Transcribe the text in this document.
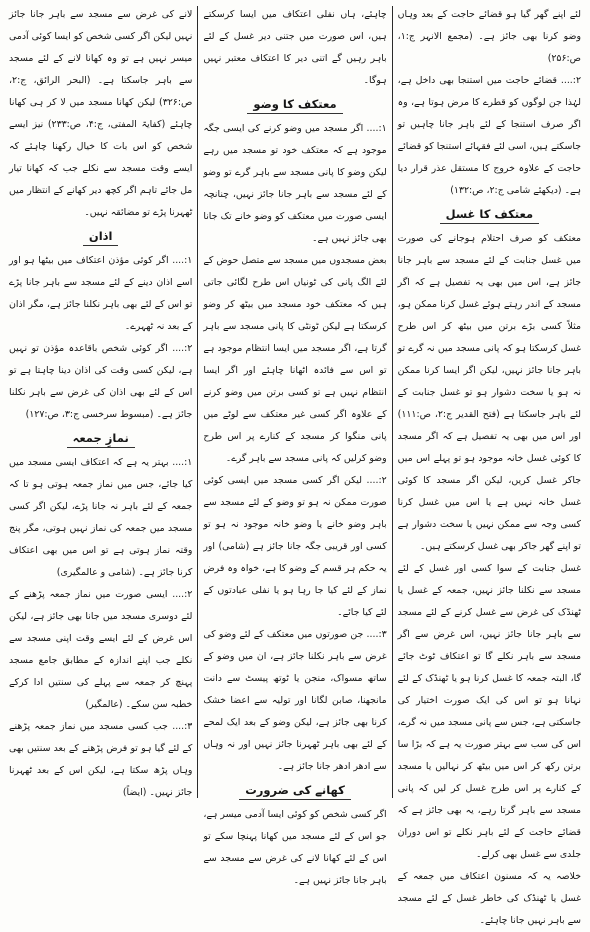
لئے اپنے گھر گیا ہو قضائے حاجت کے بعد وہاں وضو کرنا بھی جائز ہے۔ (مجمع الانہر ج:۱، ص:۲۵۶)

۲:.... قضائے حاجت میں استنجا بھی داخل ہے، لہٰذا جن لوگوں کو قطرے کا مرض ہوتا ہے، وہ اگر صرف استنجا کے لئے باہر جانا چاہیں تو جاسکتے ہیں، اسی لئے فقہائے استنجا کو قضائے حاجت کے علاوہ خروج کا مستقل عذر قرار دیا ہے۔ (دیکھئے شامی ج:۲، ص:۱۳۲)

معتکف کا غسل

معتکف کو صرف احتلام ہوجانے کی صورت میں غسل جنابت کے لئے مسجد سے باہر جانا جائز ہے، اس میں بھی یہ تفصیل ہے کہ اگر مسجد کے اندر رہتے ہوئے غسل کرنا ممکن ہو، مثلاً کسی بڑے برتن میں بیٹھ کر اس طرح غسل کرسکتا ہو کہ پانی مسجد میں نہ گرے تو باہر جانا جائز نہیں، لیکن اگر ایسا کرنا ممکن نہ ہو یا سخت دشوار ہو تو غسل جنابت کے لئے باہر جاسکتا ہے (فتح القدیر ج:۲، ص:۱۱۱) اور اس میں بھی یہ تفصیل ہے کہ اگر مسجد کا کوئی غسل خانہ موجود ہو تو پہلے اس میں جاکر غسل کریں، لیکن اگر مسجد کا کوئی غسل خانہ نہیں ہے یا اس میں غسل کرنا کسی وجہ سے ممکن نہیں یا سخت دشوار ہے تو اپنے گھر جاکر بھی غسل کرسکتے ہیں۔

غسل جنابت کے سوا کسی اور غسل کے لئے مسجد سے نکلنا جائز نہیں، جمعہ کے غسل یا ٹھنڈک کی غرض سے غسل کرنے کے لئے مسجد سے باہر جانا جائز نہیں، اس غرض سے اگر مسجد سے باہر نکلے گا تو اعتکاف ٹوٹ جائے گا، البتہ جمعہ کا غسل کرنا ہو یا ٹھنڈک کے لئے نہانا ہو تو اس کی ایک صورت اختیار کی جاسکتی ہے، جس سے پانی مسجد میں نہ گرے، اس کی سب سے بہتر صورت یہ ہے کہ بڑا سا برتن رکھ کر اس میں بیٹھ کر نہالیں یا مسجد کے کنارے پر اس طرح غسل کر لیں کہ پانی مسجد سے باہر گرتا رہے، یہ بھی جائز ہے کہ قضائے حاجت کے لئے باہر نکلے تو اس دوران جلدی سے غسل بھی کرلے۔

خلاصہ یہ کہ مسنون اعتکاف میں جمعہ کے غسل یا ٹھنڈک کی خاطر غسل کے لئے مسجد سے باہر نہیں جانا چاہئے۔

چاہئے، ہاں نفلی اعتکاف میں ایسا کرسکتے ہیں، اس صورت میں جتنی دیر غسل کے لئے باہر رہیں گے اتنی دیر کا اعتکاف معتبر نہیں ہوگا۔

معتکف کا وضو

۱:.... اگر مسجد میں وضو کرنے کی ایسی جگہ موجود ہے کہ معتکف خود تو مسجد میں رہے لیکن وضو کا پانی مسجد سے باہر گرے تو وضو کے لئے مسجد سے باہر جانا جائز نہیں، چنانچہ ایسی صورت میں معتکف کو وضو خانے تک جانا بھی جائز نہیں ہے۔

بعض مسجدوں میں مسجد سے متصل حوض کے لئے الگ پانی کی ٹونیاں اس طرح لگائی جاتی ہیں کہ معتکف خود مسجد میں بیٹھ کر وضو کرسکتا ہے لیکن ٹونٹی کا پانی مسجد سے باہر گرتا ہے، اگر مسجد میں ایسا انتظام موجود ہے تو اس سے فائدہ اٹھانا چاہئے اور اگر ایسا انتظام نہیں ہے تو کسی برتن میں وضو کرنے کے علاوہ اگر کسی غیر معتکف سے لوٹے میں پانی منگوا کر مسجد کے کنارے پر اس طرح وضو کرلیں کہ پانی مسجد سے باہر گرے۔

۲:.... لیکن اگر کسی مسجد میں ایسی کوئی صورت ممکن نہ ہو تو وضو کے لئے مسجد سے باہر وضو خانے یا وضو خانہ موجود نہ ہو تو کسی اور قریبی جگہ جانا جائز ہے (شامی) اور یہ حکم ہر قسم کے وضو کا ہے، خواہ وہ فرض نماز کے لئے کیا جا رہا ہو یا نفلی عبادتوں کے لئے کیا جائے۔

۳:.... جن صورتوں میں معتکف کے لئے وضو کی غرض سے باہر نکلنا جائز ہے، ان میں وضو کے ساتھ مسواک، منجن یا ٹوتھ پیسٹ سے دانت مانجھنا، صابن لگانا اور تولیہ سے اعضا خشک کرنا بھی جائز ہے، لیکن وضو کے بعد ایک لمحے کے لئے بھی باہر ٹھہرنا جائز نہیں اور نہ وہاں سے ادھر ادھر جانا جائز ہے۔

کھانے کی ضرورت

اگر کسی شخص کو کوئی ایسا آدمی میسر ہے، جو اس کے لئے مسجد میں کھانا پہنچا سکے تو اس کے لئے کھانا لانے کی غرض سے مسجد سے باہر جانا جائز نہیں ہے۔

لانے کی غرض سے مسجد سے باہر جانا جائز نہیں لیکن اگر کسی شخص کو ایسا کوئی آدمی میسر نہیں ہے تو وہ کھانا لانے کے لئے مسجد سے باہر جاسکتا ہے۔ (البحر الرائق، ج:۲، ص:۳۲۶) لیکن کھانا مسجد میں لا کر ہی کھانا چاہئے (کفایۃ المفتی، ج:۴، ص:۲۳۳) نیز ایسے شخص کو اس بات کا خیال رکھنا چاہئے کہ ایسے وقت مسجد سے نکلے جب کہ کھانا تیار مل جائے تاہم اگر کچھ دیر کھانے کے انتظار میں ٹھہرنا پڑے تو مضائقہ نہیں۔

اذان

۱:.... اگر کوئی مؤذن اعتکاف میں بیٹھا ہو اور اسے اذان دینے کے لئے مسجد سے باہر جانا پڑے تو اس کے لئے بھی باہر نکلنا جائز ہے، مگر اذان کے بعد نہ ٹھہرے۔

۲:.... اگر کوئی شخص باقاعدہ مؤذن تو نہیں ہے، لیکن کسی وقت کی اذان دینا چاہتا ہے تو اس کے لئے بھی اذان کی غرض سے باہر نکلنا جائز ہے۔ (مبسوط سرخسی ج:۳، ص:۱۲۷)

نمازِ جمعہ

۱:.... بہتر یہ ہے کہ اعتکاف ایسی مسجد میں کیا جائے، جس میں نماز جمعہ ہوتی ہو تا کہ جمعہ کے لئے باہر نہ جانا پڑے، لیکن اگر کسی مسجد میں جمعہ کی نماز نہیں ہوتی، مگر پنج وقتہ نماز ہوتی ہے تو اس میں بھی اعتکاف کرنا جائز ہے۔ (شامی و عالمگیری)

۲:.... ایسی صورت میں نماز جمعہ پڑھنے کے لئے دوسری مسجد میں جانا بھی جائز ہے، لیکن اس غرض کے لئے ایسے وقت اپنی مسجد سے نکلے جب اپنے اندازہ کے مطابق جامع مسجد پہنچ کر جمعہ سے پہلے کی سنتیں ادا کرکے خطبہ سن سکے۔ (عالمگیر)

۳:.... جب کسی مسجد میں نماز جمعہ پڑھنے کے لئے گیا ہو تو فرض پڑھنے کے بعد سنتیں بھی وہاں پڑھ سکتا ہے، لیکن اس کے بعد ٹھہرنا جائز نہیں۔ (ایضاً)
